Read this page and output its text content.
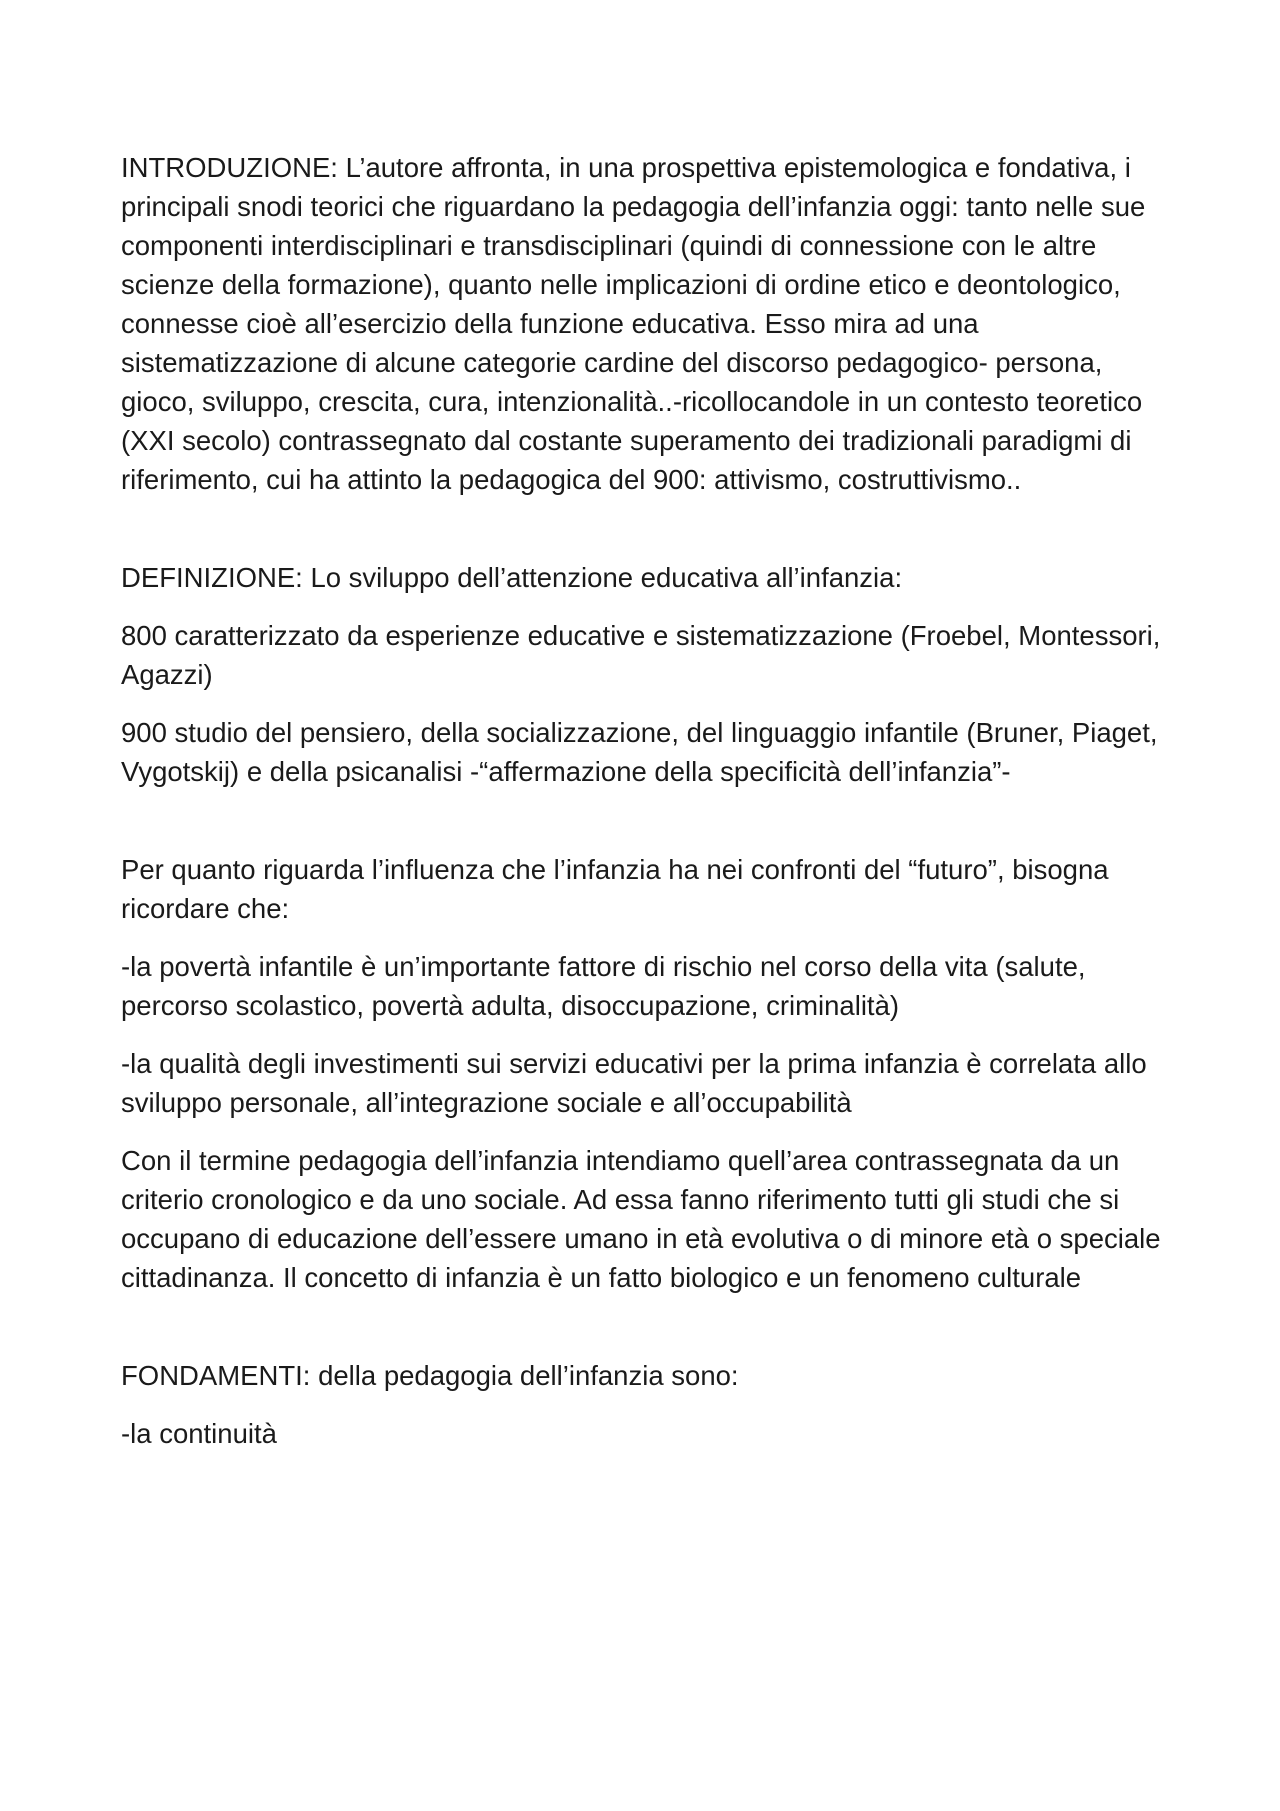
INTRODUZIONE: L’autore affronta, in una prospettiva epistemologica e fondativa, i principali snodi teorici che riguardano la pedagogia dell’infanzia oggi: tanto nelle sue componenti interdisciplinari e transdisciplinari (quindi di connessione con le altre scienze della formazione), quanto nelle implicazioni di ordine etico e deontologico, connesse cioè all’esercizio della funzione educativa. Esso mira ad una sistematizzazione di alcune categorie cardine del discorso pedagogico- persona, gioco, sviluppo, crescita, cura, intenzionalità..-ricollocandole in un contesto teoretico (XXI secolo) contrassegnato dal costante superamento dei tradizionali paradigmi di riferimento, cui ha attinto la pedagogica del 900: attivismo, costruttivismo..

DEFINIZIONE: Lo sviluppo dell’attenzione educativa all’infanzia:

800 caratterizzato da esperienze educative e sistematizzazione (Froebel, Montessori, Agazzi)

900 studio del pensiero, della socializzazione, del linguaggio infantile (Bruner, Piaget, Vygotskij) e della psicanalisi -“affermazione della specificità dell’infanzia”-

Per quanto riguarda l’influenza che l’infanzia ha nei confronti del “futuro”, bisogna ricordare che:

-la povertà infantile è un’importante fattore di rischio nel corso della vita (salute, percorso scolastico, povertà adulta, disoccupazione, criminalità)

-la qualità degli investimenti sui servizi educativi per la prima infanzia è correlata allo sviluppo personale, all’integrazione sociale e all’occupabilità

Con il termine pedagogia dell’infanzia intendiamo quell’area contrassegnata da un criterio cronologico e da uno sociale. Ad essa fanno riferimento tutti gli studi che si occupano di educazione dell’essere umano in età evolutiva o di minore età o speciale cittadinanza. Il concetto di infanzia è un fatto biologico e un fenomeno culturale

FONDAMENTI: della pedagogia dell’infanzia sono:

-la continuità
